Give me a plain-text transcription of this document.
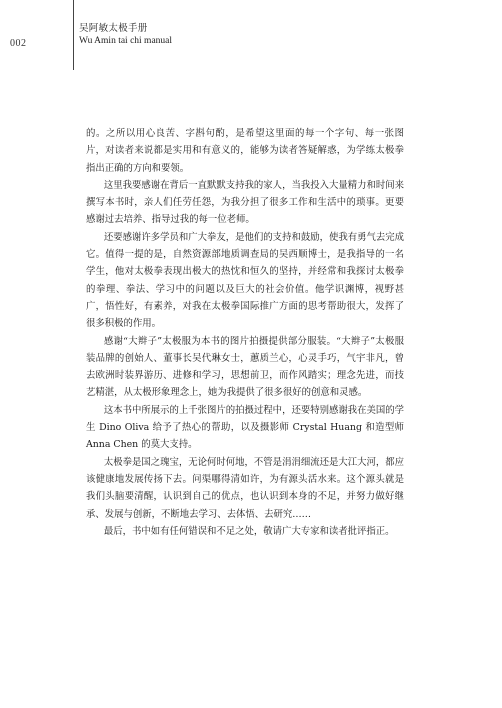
002
吴阿敏太极手册
Wu Amin tai chi manual

的。之所以用心良苦、字斟句酌，是希望这里面的每一个字句、每一张图片，对读者来说都是实用和有意义的，能够为读者答疑解惑，为学练太极拳指出正确的方向和要领。

这里我要感谢在背后一直默默支持我的家人，当我投入大量精力和时间来撰写本书时，亲人们任劳任怨，为我分担了很多工作和生活中的琐事。更要感谢过去培养、指导过我的每一位老师。

还要感谢许多学员和广大拳友，是他们的支持和鼓励，使我有勇气去完成它。值得一提的是，自然资源部地质调查局的吴西顺博士，是我指导的一名学生，他对太极拳表现出极大的热忱和恒久的坚持，并经常和我探讨太极拳的拳理、拳法、学习中的问题以及巨大的社会价值。他学识渊博，视野甚广，悟性好，有素养，对我在太极拳国际推广方面的思考帮助很大，发挥了很多积极的作用。

感谢“大辫子”太极服为本书的图片拍摄提供部分服装。“大辫子”太极服装品牌的创始人、董事长吴代琳女士，蕙质兰心，心灵手巧，气宇非凡，曾去欧洲时装界游历、进修和学习，思想前卫，而作风踏实；理念先进，而技艺精湛，从太极形象理念上，她为我提供了很多很好的创意和灵感。

这本书中所展示的上千张图片的拍摄过程中，还要特别感谢我在美国的学生 Dino Oliva 给予了热心的帮助，以及摄影师 Crystal Huang 和造型师 Anna Chen 的莫大支持。

太极拳是国之瑰宝，无论何时何地，不管是涓涓细流还是大江大河，都应该健康地发展传扬下去。问渠哪得清如许，为有源头活水来。这个源头就是我们头脑要清醒，认识到自己的优点，也认识到本身的不足，并努力做好继承、发展与创新，不断地去学习、去体悟、去研究……

最后，书中如有任何错误和不足之处，敬请广大专家和读者批评指正。
